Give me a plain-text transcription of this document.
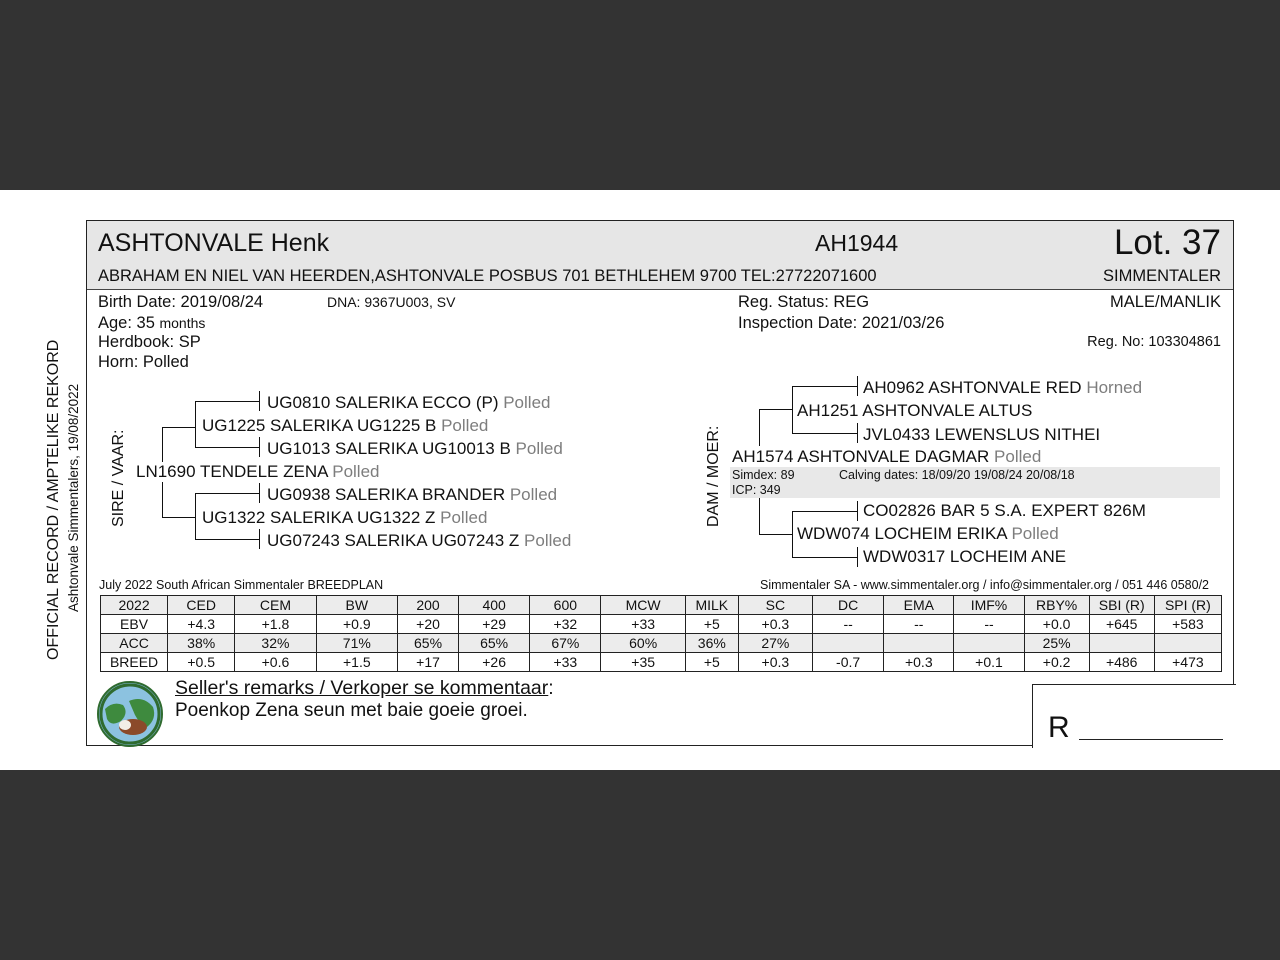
OFFICIAL RECORD / AMPTELIKE REKORD Ashtonvale Simmentalers, 19/08/2022
ASHTONVALE Henk	AH1944	Lot. 37
ABRAHAM EN NIEL VAN HEERDEN,ASHTONVALE POSBUS 701 BETHLEHEM 9700 TEL:27722071600	SIMMENTALER
Birth Date: 2019/08/24	DNA: 9367U003, SV
Age: 35 months
Herdbook: SP
Horn: Polled
Reg. Status: REG
Inspection Date: 2021/03/26
MALE/MANLIK
Reg. No: 103304861
SIRE / VAAR:
UG0810 SALERIKA ECCO (P) Polled
UG1225 SALERIKA UG1225 B Polled
UG1013 SALERIKA UG10013 B Polled
LN1690 TENDELE ZENA Polled
UG0938 SALERIKA BRANDER Polled
UG1322 SALERIKA UG1322 Z Polled
UG07243 SALERIKA UG07243 Z Polled
DAM / MOER:
AH0962 ASHTONVALE RED Horned
AH1251 ASHTONVALE ALTUS
JVL0433 LEWENSLUS NITHEI
AH1574 ASHTONVALE DAGMAR Polled
Simdex: 89	Calving dates: 18/09/20 19/08/24 20/08/18
ICP: 349
CO02826 BAR 5 S.A. EXPERT 826M
WDW074 LOCHEIM ERIKA Polled
WDW0317 LOCHEIM ANE
July 2022 South African Simmentaler BREEDPLAN	Simmentaler SA - www.simmentaler.org / info@simmentaler.org / 051 446 0580/2
2022	CED	CEM	BW	200	400	600	MCW	MILK	SC	DC	EMA	IMF%	RBY%	SBI (R)	SPI (R)
EBV	+4.3	+1.8	+0.9	+20	+29	+32	+33	+5	+0.3	--	--	--	+0.0	+645	+583
ACC	38%	32%	71%	65%	65%	67%	60%	36%	27%				25%		
BREED	+0.5	+0.6	+1.5	+17	+26	+33	+35	+5	+0.3	-0.7	+0.3	+0.1	+0.2	+486	+473
Seller's remarks / Verkoper se kommentaar:
Poenkop Zena seun met baie goeie groei.
R
